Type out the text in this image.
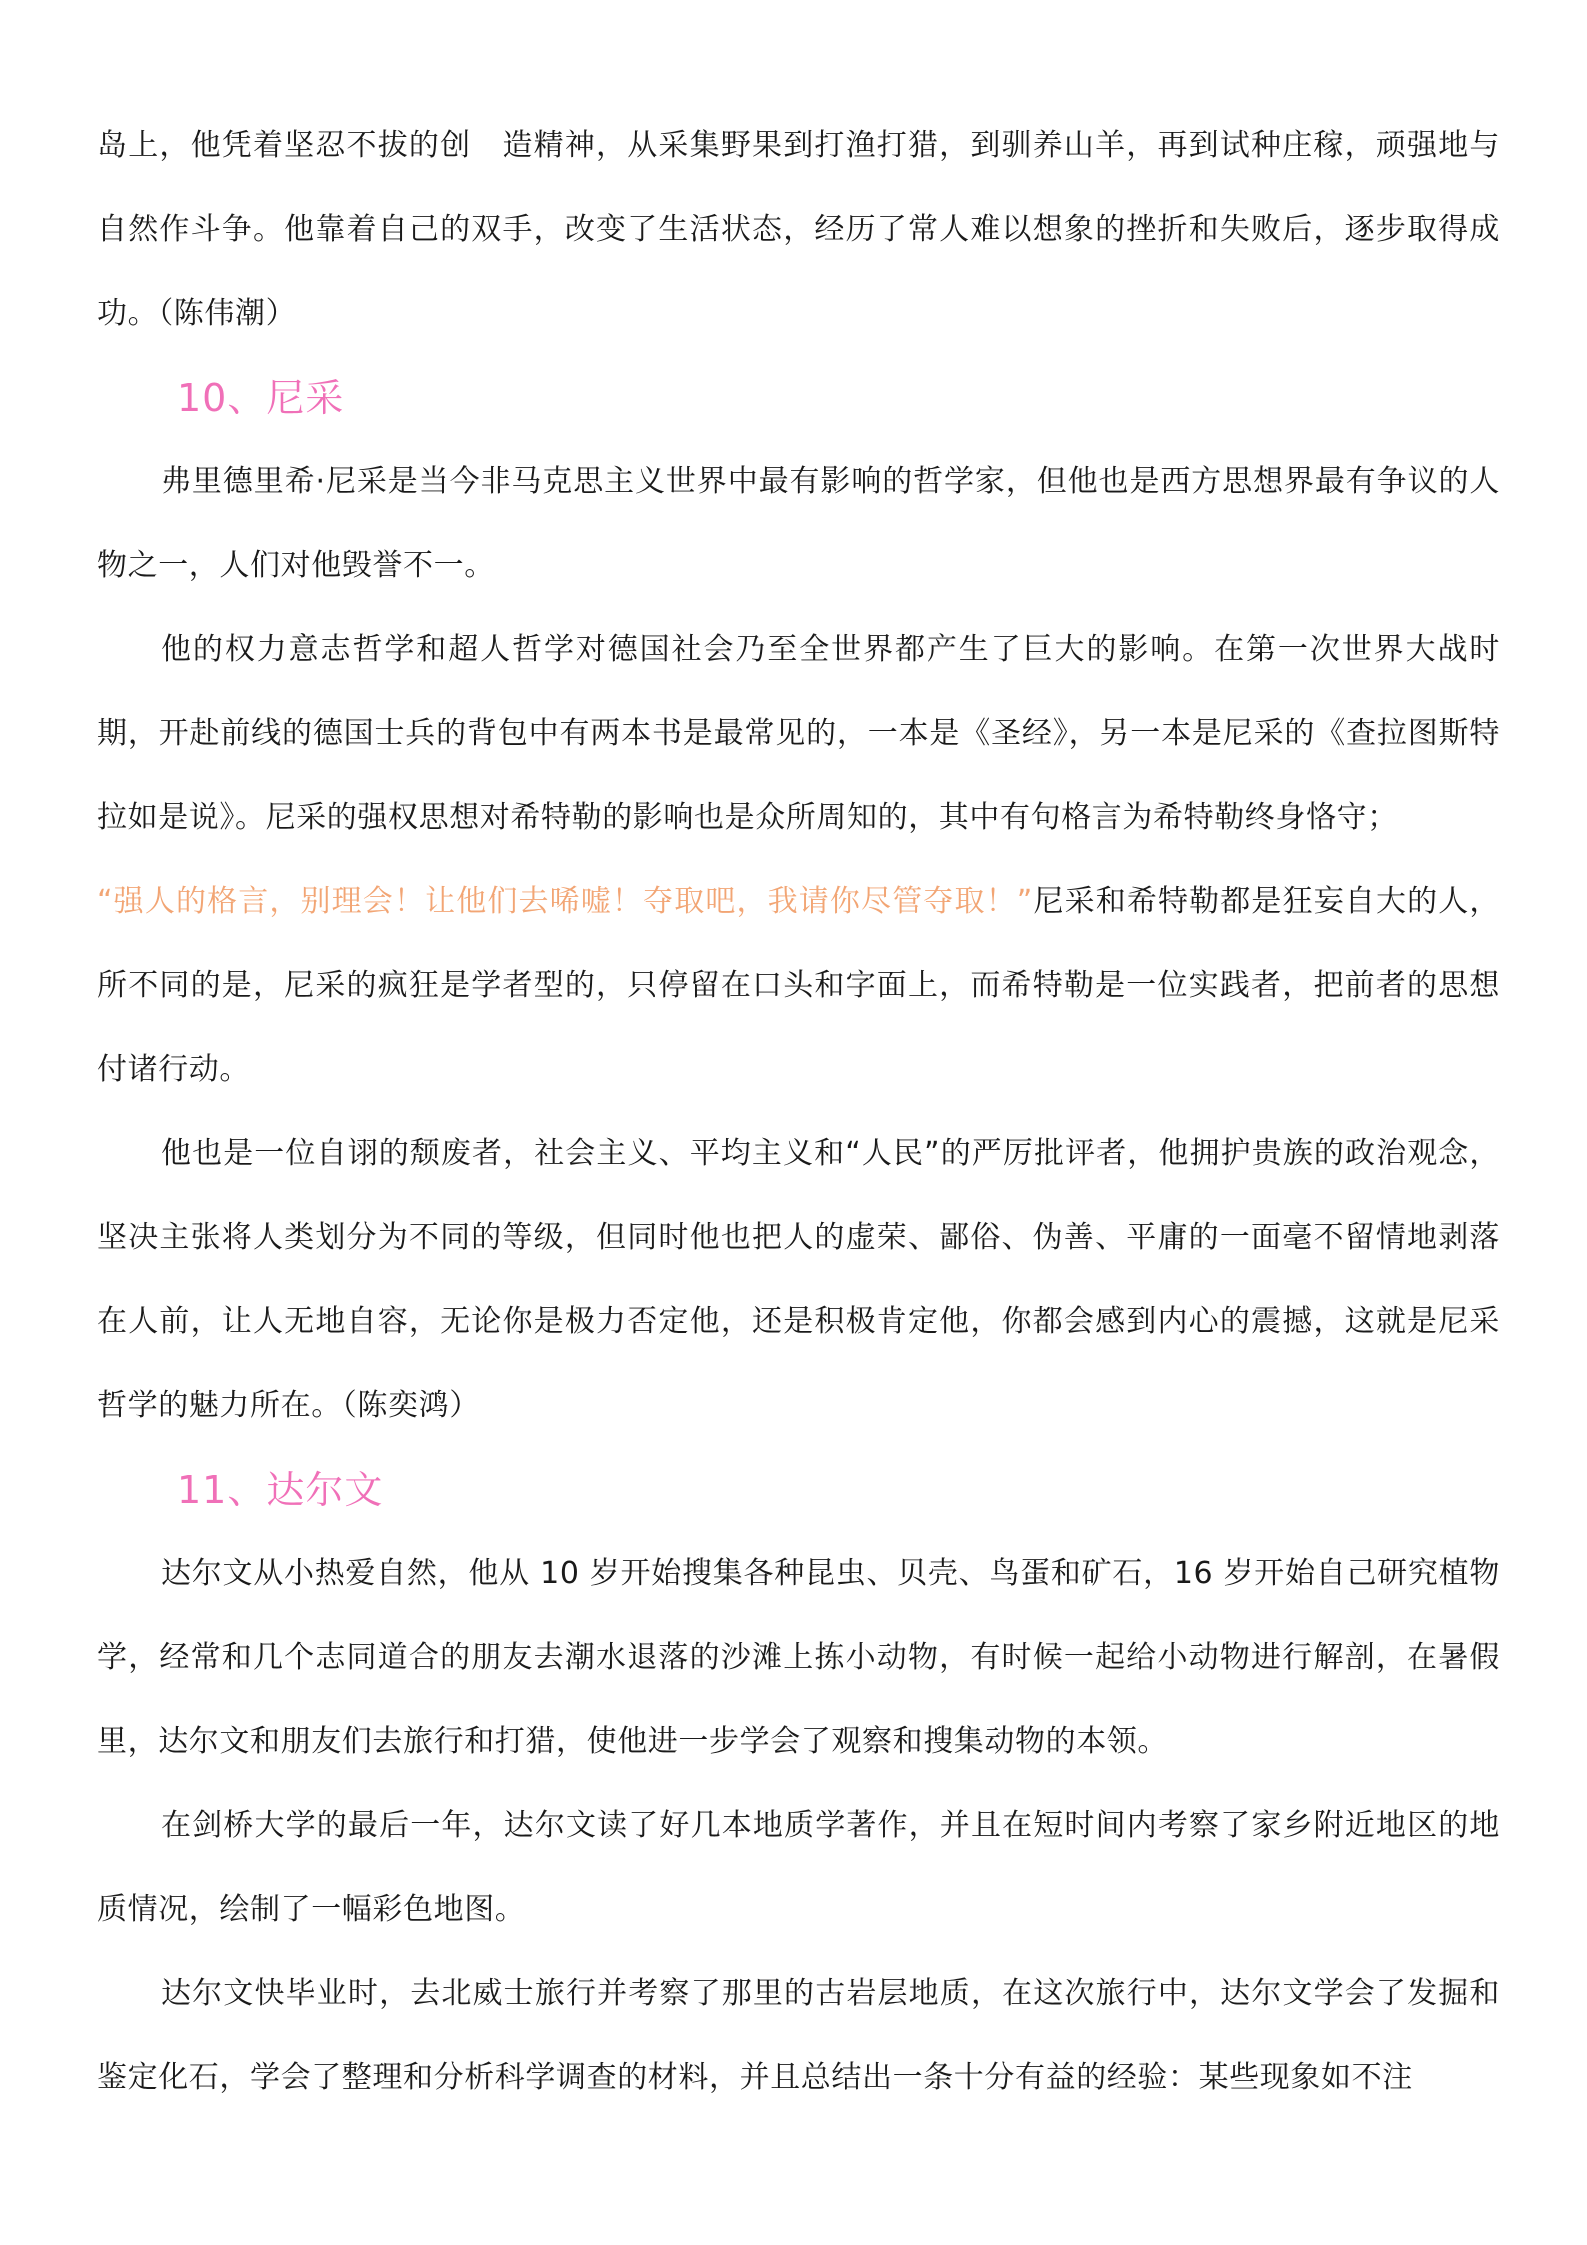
岛上，他凭着坚忍不拔的创　造精神，从采集野果到打渔打猎，到驯养山羊，再到试种庄稼，顽强地与自然作斗争。他靠着自己的双手，改变了生活状态，经历了常人难以想象的挫折和失败后，逐步取得成功。（陈伟潮）

10、尼采

弗里德里希·尼采是当今非马克思主义世界中最有影响的哲学家，但他也是西方思想界最有争议的人物之一，人们对他毁誉不一。

他的权力意志哲学和超人哲学对德国社会乃至全世界都产生了巨大的影响。在第一次世界大战时期，开赴前线的德国士兵的背包中有两本书是最常见的，一本是《圣经》，另一本是尼采的《查拉图斯特拉如是说》。尼采的强权思想对希特勒的影响也是众所周知的，其中有句格言为希特勒终身恪守；

“强人的格言，别理会！让他们去唏嘘！夺取吧，我请你尽管夺取！”尼采和希特勒都是狂妄自大的人，所不同的是，尼采的疯狂是学者型的，只停留在口头和字面上，而希特勒是一位实践者，把前者的思想付诸行动。

他也是一位自诩的颓废者，社会主义、平均主义和“人民”的严厉批评者，他拥护贵族的政治观念，坚决主张将人类划分为不同的等级，但同时他也把人的虚荣、鄙俗、伪善、平庸的一面毫不留情地剥落在人前，让人无地自容，无论你是极力否定他，还是积极肯定他，你都会感到内心的震撼，这就是尼采哲学的魅力所在。（陈奕鸿）

11、达尔文

达尔文从小热爱自然，他从 10 岁开始搜集各种昆虫、贝壳、鸟蛋和矿石，16 岁开始自己研究植物学，经常和几个志同道合的朋友去潮水退落的沙滩上拣小动物，有时候一起给小动物进行解剖，在暑假里，达尔文和朋友们去旅行和打猎，使他进一步学会了观察和搜集动物的本领。

在剑桥大学的最后一年，达尔文读了好几本地质学著作，并且在短时间内考察了家乡附近地区的地质情况，绘制了一幅彩色地图。

达尔文快毕业时，去北威士旅行并考察了那里的古岩层地质，在这次旅行中，达尔文学会了发掘和鉴定化石，学会了整理和分析科学调查的材料，并且总结出一条十分有益的经验：某些现象如不注
